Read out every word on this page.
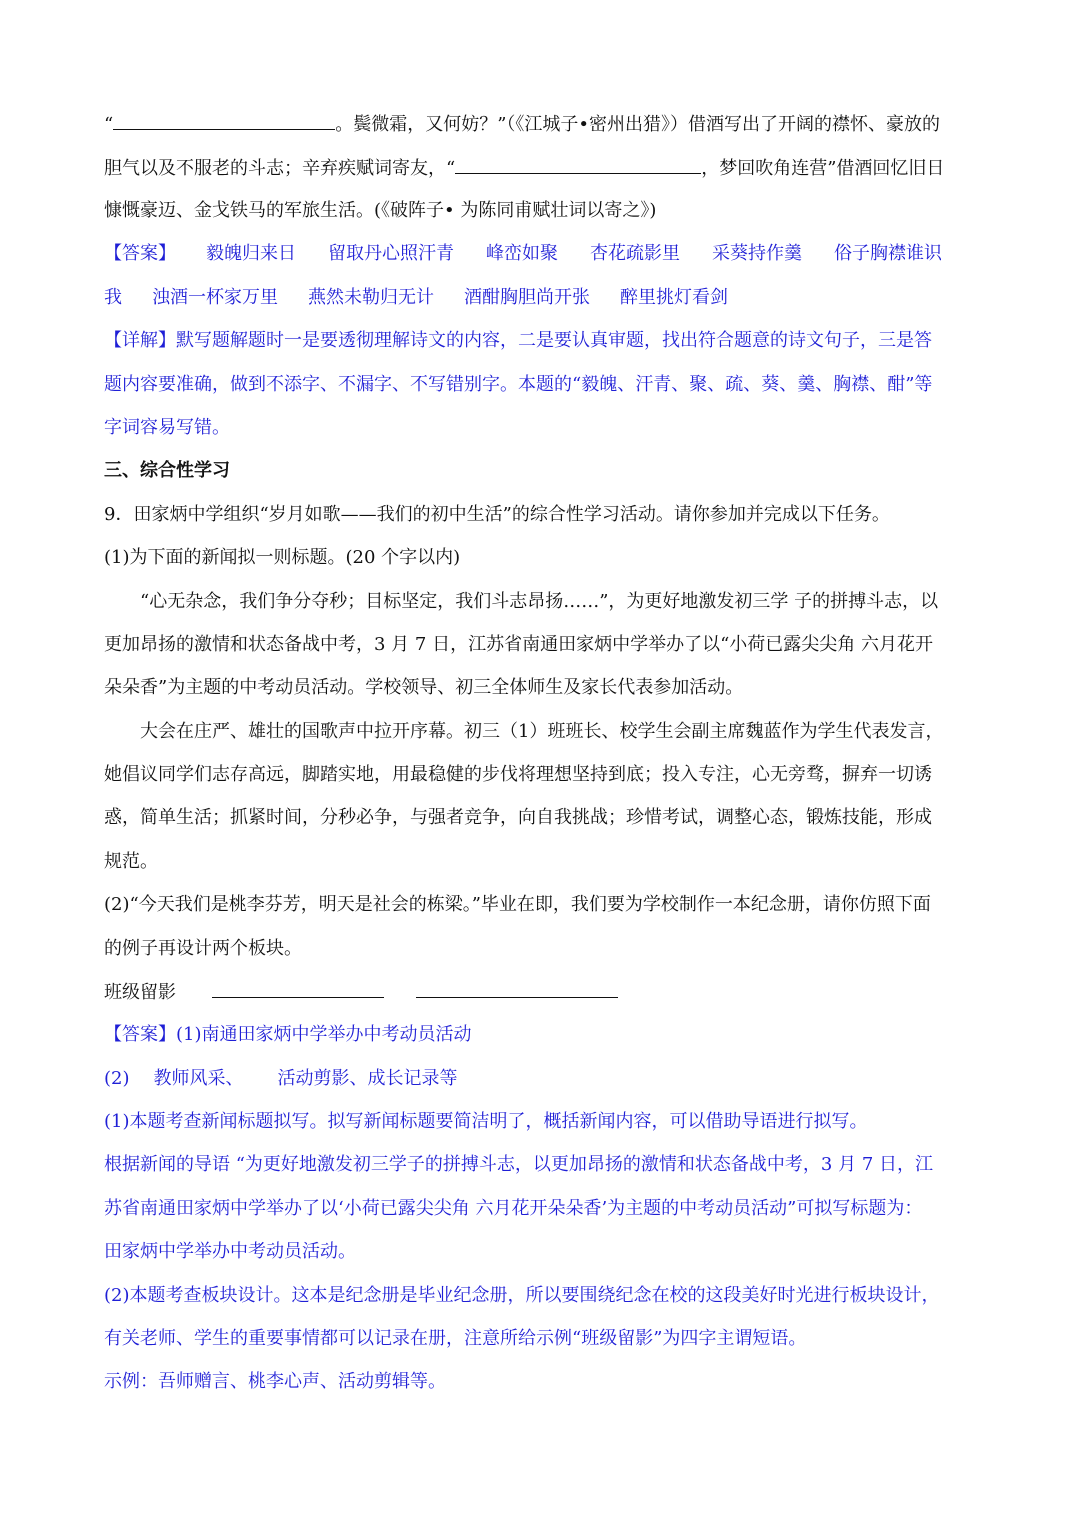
“	。鬓微霜，又何妨？”（《江城子•密州出猎》）借酒写出了开阔的襟怀、豪放的
胆气以及不服老的斗志；辛弃疾赋词寄友，“	，梦回吹角连营”借酒回忆旧日
慷慨豪迈、金戈铁马的军旅生活。(《破阵子• 为陈同甫赋壮词以寄之》)
【答案】 毅魄归来日 留取丹心照汗青 峰峦如聚 杏花疏影里 采葵持作羹 俗子胸襟谁识
我 浊酒一杯家万里 燕然未勒归无计 酒酣胸胆尚开张 醉里挑灯看剑
【详解】默写题解题时一是要透彻理解诗文的内容，二是要认真审题，找出符合题意的诗文句子，三是答
题内容要准确，做到不添字、不漏字、不写错别字。本题的“毅魄、汗青、聚、疏、葵、羹、胸襟、酣”等
字词容易写错。
三、综合性学习
9．田家炳中学组织“岁月如歌——我们的初中生活”的综合性学习活动。请你参加并完成以下任务。
(1)为下面的新闻拟一则标题。(20 个字以内)
“心无杂念，我们争分夺秒；目标坚定，我们斗志昂扬……”，为更好地激发初三学 子的拼搏斗志，以
更加昂扬的激情和状态备战中考，3 月 7 日，江苏省南通田家炳中学举办了以“小荷已露尖尖角 六月花开
朵朵香”为主题的中考动员活动。学校领导、初三全体师生及家长代表参加活动。
大会在庄严、雄壮的国歌声中拉开序幕。初三（1）班班长、校学生会副主席魏蓝作为学生代表发言，
她倡议同学们志存高远，脚踏实地，用最稳健的步伐将理想坚持到底；投入专注，心无旁骛，摒弃一切诱
惑，简单生活；抓紧时间，分秒必争，与强者竞争，向自我挑战；珍惜考试，调整心态，锻炼技能，形成
规范。
(2)“今天我们是桃李芬芳，明天是社会的栋梁。”毕业在即，我们要为学校制作一本纪念册，请你仿照下面
的例子再设计两个板块。
班级留影
【答案】(1)南通田家炳中学举办中考动员活动
(2) 教师风采、 活动剪影、成长记录等
(1)本题考查新闻标题拟写。拟写新闻标题要简洁明了，概括新闻内容，可以借助导语进行拟写。
根据新闻的导语 “为更好地激发初三学子的拼搏斗志，以更加昂扬的激情和状态备战中考，3 月 7 日，江
苏省南通田家炳中学举办了以‘小荷已露尖尖角 六月花开朵朵香’为主题的中考动员活动”可拟写标题为：
田家炳中学举办中考动员活动。
(2)本题考查板块设计。这本是纪念册是毕业纪念册，所以要围绕纪念在校的这段美好时光进行板块设计，
有关老师、学生的重要事情都可以记录在册，注意所给示例“班级留影”为四字主谓短语。
示例：吾师赠言、桃李心声、活动剪辑等。
